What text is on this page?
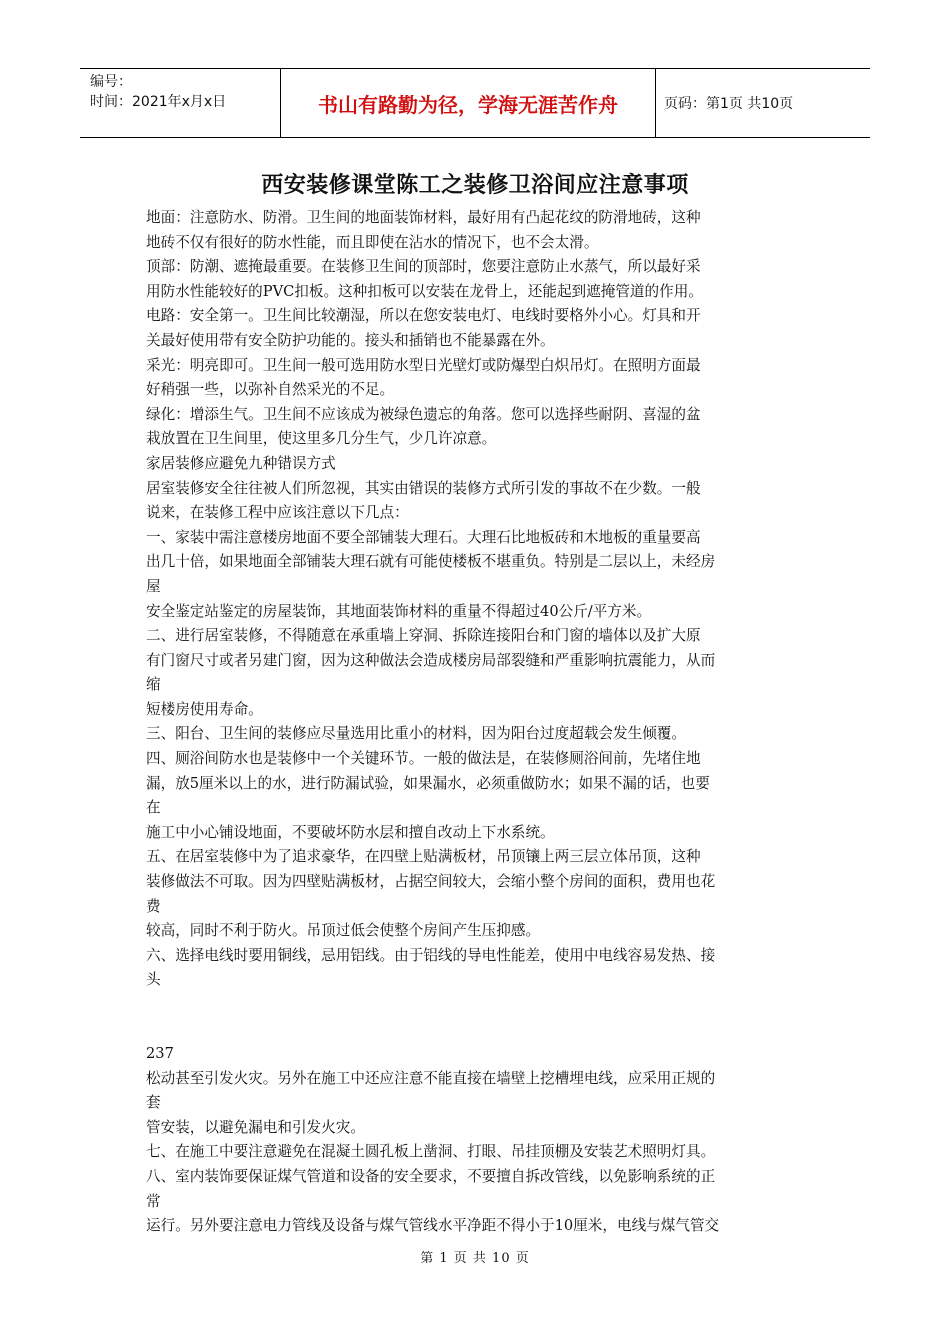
编号：
时间：2021年x月x日	书山有路勤为径，学海无涯苦作舟	页码：第1页 共10页
西安装修课堂陈工之装修卫浴间应注意事项

地面：注意防水、防滑。卫生间的地面装饰材料，最好用有凸起花纹的防滑地砖，这种

地砖不仅有很好的防水性能，而且即使在沾水的情况下，也不会太滑。

顶部：防潮、遮掩最重要。在装修卫生间的顶部时，您要注意防止水蒸气，所以最好采

用防水性能较好的PVC扣板。这种扣板可以安装在龙骨上，还能起到遮掩管道的作用。

电路：安全第一。卫生间比较潮湿，所以在您安装电灯、电线时要格外小心。灯具和开

关最好使用带有安全防护功能的。接头和插销也不能暴露在外。

采光：明亮即可。卫生间一般可选用防水型日光壁灯或防爆型白炽吊灯。在照明方面最

好稍强一些，以弥补自然采光的不足。

绿化：增添生气。卫生间不应该成为被绿色遗忘的角落。您可以选择些耐阴、喜湿的盆

栽放置在卫生间里，使这里多几分生气，少几许凉意。

家居装修应避免九种错误方式

居室装修安全往往被人们所忽视，其实由错误的装修方式所引发的事故不在少数。一般

说来，在装修工程中应该注意以下几点：

一、家装中需注意楼房地面不要全部铺装大理石。大理石比地板砖和木地板的重量要高

出几十倍，如果地面全部铺装大理石就有可能使楼板不堪重负。特别是二层以上，未经房

屋

安全鉴定站鉴定的房屋装饰，其地面装饰材料的重量不得超过40公斤/平方米。

二、进行居室装修，不得随意在承重墙上穿洞、拆除连接阳台和门窗的墙体以及扩大原

有门窗尺寸或者另建门窗，因为这种做法会造成楼房局部裂缝和严重影响抗震能力，从而

缩

短楼房使用寿命。

三、阳台、卫生间的装修应尽量选用比重小的材料，因为阳台过度超载会发生倾覆。

四、厕浴间防水也是装修中一个关键环节。一般的做法是，在装修厕浴间前，先堵住地

漏，放5厘米以上的水，进行防漏试验，如果漏水，必须重做防水；如果不漏的话，也要

在

施工中小心铺设地面，不要破坏防水层和擅自改动上下水系统。

五、在居室装修中为了追求豪华，在四壁上贴满板材，吊顶镶上两三层立体吊顶，这种

装修做法不可取。因为四壁贴满板材，占据空间较大，会缩小整个房间的面积，费用也花

费

较高，同时不利于防火。吊顶过低会使整个房间产生压抑感。

六、选择电线时要用铜线，忌用铝线。由于铝线的导电性能差，使用中电线容易发热、接

头

237

松动甚至引发火灾。另外在施工中还应注意不能直接在墙壁上挖槽埋电线，应采用正规的

套

管安装，以避免漏电和引发火灾。

七、在施工中要注意避免在混凝土圆孔板上凿洞、打眼、吊挂顶棚及安装艺术照明灯具。

八、室内装饰要保证煤气管道和设备的安全要求，不要擅自拆改管线，以免影响系统的正

常

运行。另外要注意电力管线及设备与煤气管线水平净距不得小于10厘米，电线与煤气管交

第 1 页 共 10 页
